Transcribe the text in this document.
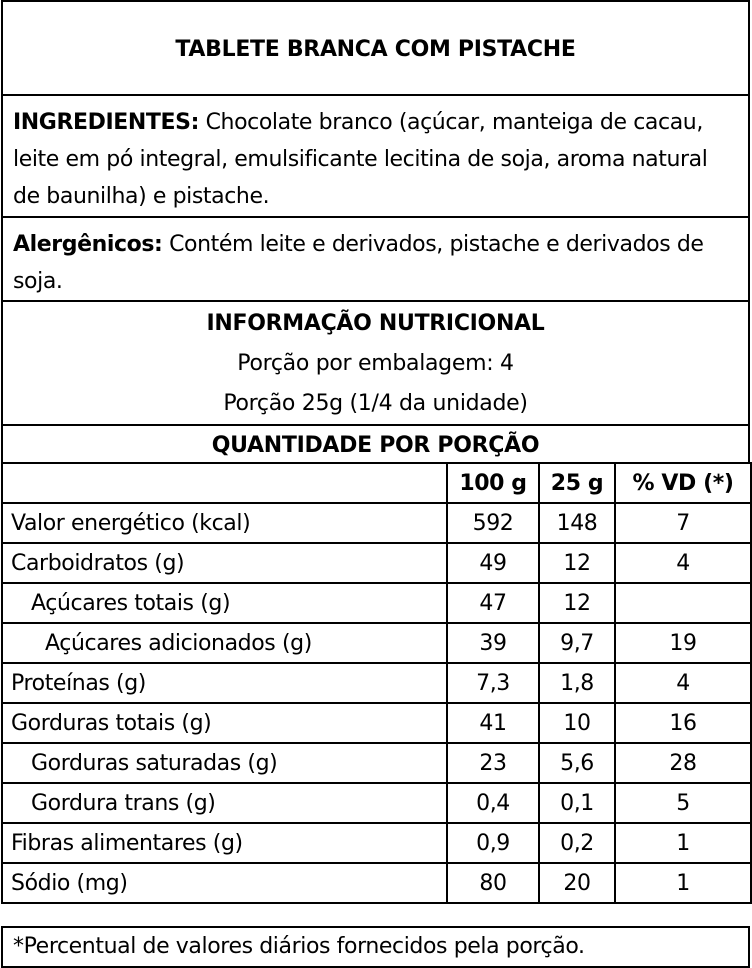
TABLETE BRANCA COM PISTACHE
INGREDIENTES: Chocolate branco (açúcar, manteiga de cacau, leite em pó integral, emulsificante lecitina de soja, aroma natural de baunilha) e pistache.
Alergênicos: Contém leite e derivados, pistache e derivados de soja.
INFORMAÇÃO NUTRICIONAL
Porção por embalagem: 4
Porção 25g (1/4 da unidade)
QUANTIDADE POR PORÇÃO
	100 g	25 g	% VD (*)
Valor energético (kcal)	592	148	7
Carboidratos (g)	49	12	4
Açúcares totais (g)	47	12	
Açúcares adicionados (g)	39	9,7	19
Proteínas (g)	7,3	1,8	4
Gorduras totais (g)	41	10	16
Gorduras saturadas (g)	23	5,6	28
Gordura trans (g)	0,4	0,1	5
Fibras alimentares (g)	0,9	0,2	1
Sódio (mg)	80	20	1
*Percentual de valores diários fornecidos pela porção.
